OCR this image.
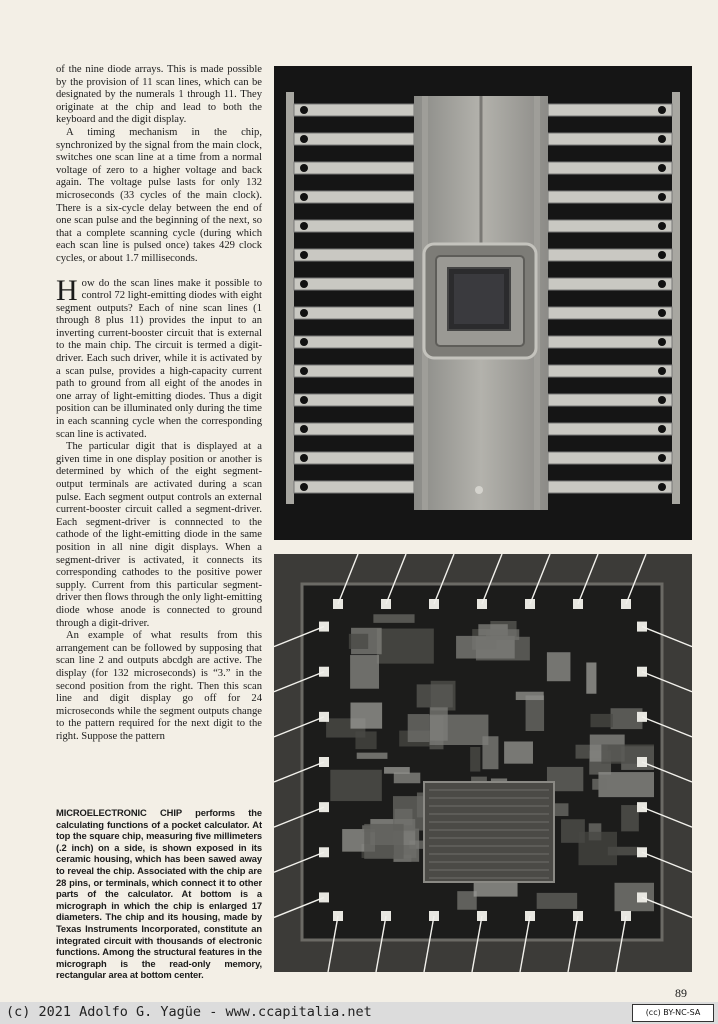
of the nine diode arrays. This is made possible by the provision of 11 scan lines, which can be designated by the numerals 1 through 11. They originate at the chip and lead to both the keyboard and the digit display.

A timing mechanism in the chip, synchronized by the signal from the main clock, switches one scan line at a time from a normal voltage of zero to a higher voltage and back again. The voltage pulse lasts for only 132 microseconds (33 cycles of the main clock). There is a six-cycle delay between the end of one scan pulse and the beginning of the next, so that a complete scanning cycle (during which each scan line is pulsed once) takes 429 clock cycles, or about 1.7 milliseconds.

How do the scan lines make it possible to control 72 light-emitting diodes with eight segment outputs? Each of nine scan lines (1 through 8 plus 11) provides the input to an inverting current-booster circuit that is external to the main chip. The circuit is termed a digit-driver. Each such driver, while it is activated by a scan pulse, provides a high-capacity current path to ground from all eight of the anodes in one array of light-emitting diodes. Thus a digit position can be illuminated only during the time in each scanning cycle when the corresponding scan line is activated.

The particular digit that is displayed at a given time in one display position or another is determined by which of the eight segment-output terminals are activated during a scan pulse. Each segment output controls an external current-booster circuit called a segment-driver. Each segment-driver is connnected to the cathode of the light-emitting diode in the same position in all nine digit displays. When a segment-driver is activated, it connects its corresponding cathodes to the positive power supply. Current from this particular segment-driver then flows through the only light-emitting diode whose anode is connected to ground through a digit-driver.

An example of what results from this arrangement can be followed by supposing that scan line 2 and outputs abcdgh are active. The display (for 132 microseconds) is “3.” in the second position from the right. Then this scan line and digit display go off for 24 microseconds while the segment outputs change to the pattern required for the next digit to the right. Suppose the pattern

MICROELECTRONIC CHIP performs the calculating functions of a pocket calculator. At top the square chip, measuring five millimeters (.2 inch) on a side, is shown exposed in its ceramic housing, which has been sawed away to reveal the chip. Associated with the chip are 28 pins, or terminals, which connect it to other parts of the calculator. At bottom is a micrograph in which the chip is enlarged 17 diameters. The chip and its housing, made by Texas Instruments Incorporated, constitute an integrated circuit with thousands of electronic functions. Among the structural features in the micrograph is the read-only memory, rectangular area at bottom center.
89
(c) 2021 Adolfo G. Yagüe - www.ccapitalia.net	(cc) BY-NC-SA
